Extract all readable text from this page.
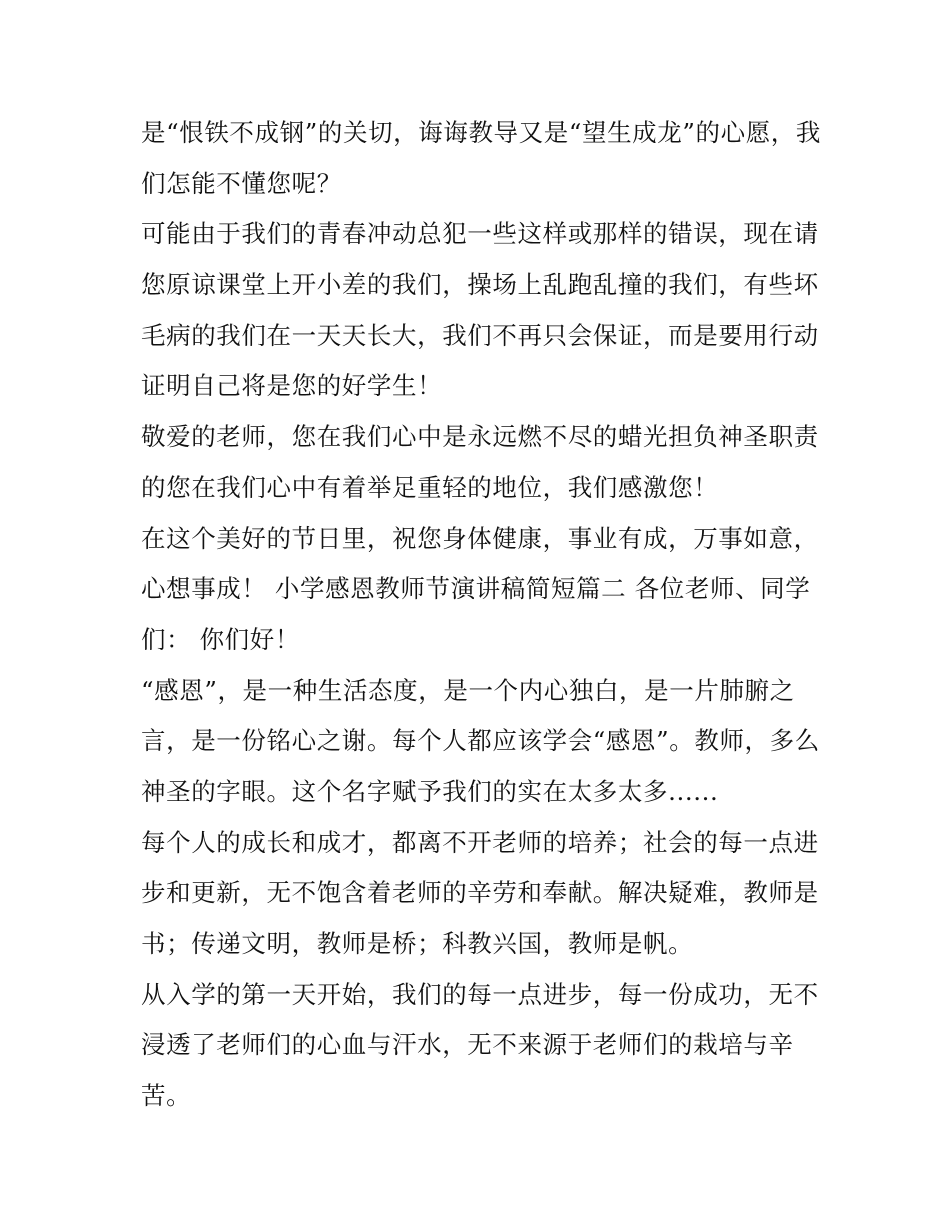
是“恨铁不成钢”的关切，诲诲教导又是“望生成龙”的心愿，我
们怎能不懂您呢？
可能由于我们的青春冲动总犯一些这样或那样的错误，现在请
您原谅课堂上开小差的我们，操场上乱跑乱撞的我们，有些坏
毛病的我们在一天天长大，我们不再只会保证，而是要用行动
证明自己将是您的好学生！
敬爱的老师，您在我们心中是永远燃不尽的蜡光担负神圣职责
的您在我们心中有着举足重轻的地位，我们感激您！
在这个美好的节日里，祝您身体健康，事业有成，万事如意，
心想事成！ 小学感恩教师节演讲稿简短篇二 各位老师、同学
们： 你们好！
“感恩”，是一种生活态度，是一个内心独白，是一片肺腑之
言，是一份铭心之谢。每个人都应该学会“感恩”。教师，多么
神圣的字眼。这个名字赋予我们的实在太多太多......
每个人的成长和成才，都离不开老师的培养；社会的每一点进
步和更新，无不饱含着老师的辛劳和奉献。解决疑难，教师是
书；传递文明，教师是桥；科教兴国，教师是帆。
从入学的第一天开始，我们的每一点进步，每一份成功，无不
浸透了老师们的心血与汗水，无不来源于老师们的栽培与辛
苦。
